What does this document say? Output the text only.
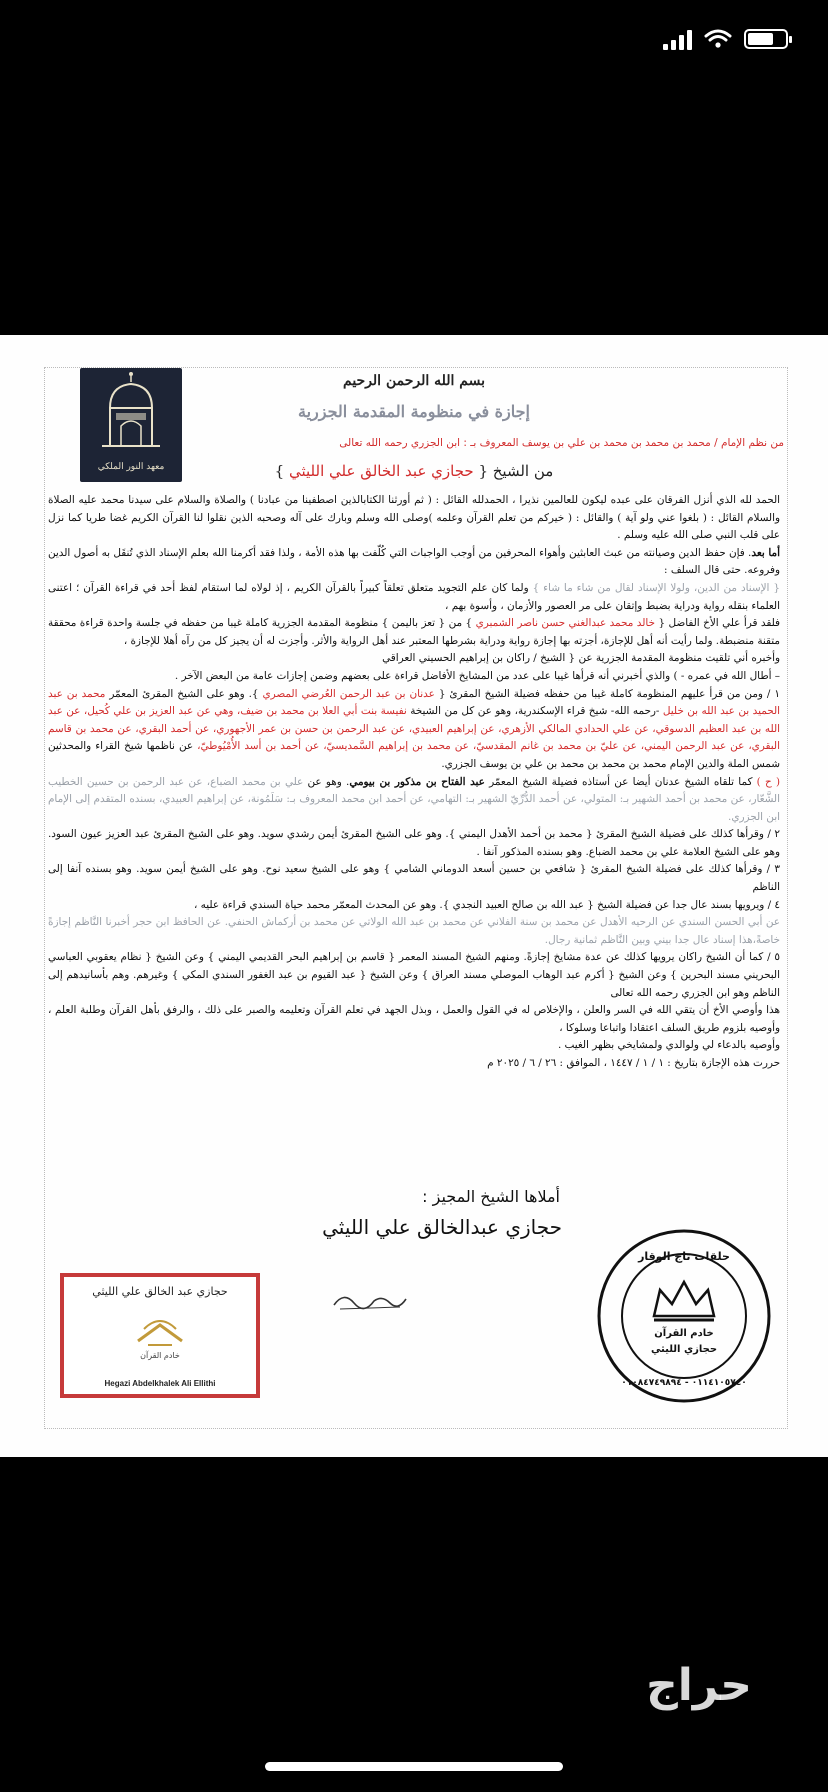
معهد النور الملكي
بسم الله الرحمن الرحيم
إجازة في منظومة المقدمة الجزرية
من نظم الإمام / محمد بن محمد بن محمد بن علي بن يوسف المعروف بـ : ابن الجزري رحمه الله تعالى
من الشيخ { حجازي عبد الخالق علي الليثي }

الحمد لله الذي أنزل الفرقان على عبده ليكون للعالمين نذيرا ، الحمدلله القائل : ( ثم أورثنا الكتابالذين اصطفينا من عبادنا ) والصلاة والسلام على سيدنا محمد عليه الصلاة والسلام القائل : ( بلغوا عني ولو آية ) والقائل : ( خيركم من تعلم القرآن وعلمه )وصلى الله وسلم وبارك على آله وصحبه الذين نقلوا لنا القرآن الكريم غضا طريا كما نزل على قلب النبي صلى الله عليه وسلم .

أما بعد. فإن حفظ الدين وصيانته من عبث العابثين وأهواء المحرفين من أوجب الواجبات التي كُلّفت بها هذه الأمة ، ولذا فقد أكرمنا الله بعلم الإسناد الذي تُنقَل به أصول الدين وفروعه. حتى قال السلف :

{ الإسناد من الدين، ولولا الإسناد لقال من شاء ما شاء } ولما كان علم التجويد متعلق تعلقاً كبيراً بالقرآن الكريم ، إذ لولاه لما استقام لفظ أحد في قراءة القرآن ؛ اعتنى العلماء بنقله رواية ودراية بضبط وإتقان على مر العصور والأزمان ، وأسوة بهم ،

فلقد قرأ علي الأخ الفاضل { خالد محمد عبدالغني حسن ناصر الشمبري } من { تعز باليمن } منظومة المقدمة الجزرية كاملة غيبا من حفظه في جلسة واحدة قراءة محققة متقنة منضبطة. ولما رأيت أنه أهل للإجازة، أجزته بها إجازة رواية ودراية بشرطها المعتبر عند أهل الرواية والأثر. وأجزت له أن يجيز كل من رآه أهلا للإجازة ،

وأخبره أني تلقيت منظومة المقدمة الجزرية عن { الشيخ / راكان بن إبراهيم الحسيني العراقي

– أطال الله في عمره - ) والذي أخبرني أنه قرأها غيبا على عدد من المشايخ الأفاضل قراءة على بعضهم وضمن إجازات عامة من البعض الآخر .

١ / ومن من قرأ عليهم المنظومة كاملة غيبا من حفظه فضيلة الشيخ المقرئ { عدنان بن عبد الرحمن العُرضي المصري }. وهو على الشيخ المقرئ المعمّر محمد بن عبد الحميد بن عبد الله بن خليل -رحمه الله- شيخ قراء الإسكندرية، وهو عن كل من الشيخة نفيسة بنت أبي العلا بن محمد بن ضيف، وهي عن عبد العزيز بن علي كُحيل، عن عبد الله بن عبد العظيم الدسوقي، عن علي الحدادي المالكي الأزهري، عن إبراهيم العبيدي، عن عبد الرحمن بن حسن بن عمر الأجهوري، عن أحمد البقري، عن محمد بن قاسم البقري، عن عبد الرحمن اليمني، عن عليّ بن محمد بن غانم المقدسيّ، عن محمد بن إبراهيم السَّمديسيّ، عن أحمد بن أسد الأُمْيُوطيّ، عن ناظمها شيخ القراء والمحدثين شمس الملة والدين الإمام محمد بن محمد بن محمد بن علي بن يوسف الجزري.

( ح ) كما تلقاه الشيخ عدنان أيضا عن أستاذه فضيلة الشيخ المعمّر عبد الفتاح بن مذكور بن بيومي. وهو عن علي بن محمد الضباع، عن عبد الرحمن بن حسين الخطيب الشَّعّار، عن محمد بن أحمد الشهير بـ: المتولي، عن أحمد الدُّرِّيّ الشهير بـ: التهامي، عن أحمد ابن محمد المعروف بـ: سَلَمُونة، عن إبراهيم العبيدي، بسنده المتقدم إلى الإمام ابن الجزري.

٢ / وقرأها كذلك على فضيلة الشيخ المقرئ { محمد بن أحمد الأهدل اليمني }. وهو على الشيخ المقرئ أيمن رشدي سويد. وهو على الشيخ المقرئ عبد العزيز عيون السود. وهو على الشيخ العلامة علي بن محمد الضباع. وهو بسنده المذكور آنفا .

٣ / وقرأها كذلك على فضيلة الشيخ المقرئ { شافعي بن حسين أسعد الدوماني الشامي } وهو على الشيخ سعيد نوح. وهو على الشيخ أيمن سويد. وهو بسنده آنفا إلى الناظم

٤ / ويرويها بسند عال جدا عن فضيلة الشيخ { عبد الله بن صالح العبيد النجدي }. وهو عن المحدث المعمّر محمد حياة السندي قراءة عليه ،

عن أبي الحسن السندي عن الرحيه الأهدل عن محمد بن سنة الفلاني عن محمد بن عبد الله الولاتي عن محمد بن أركماش الحنفي. عن الحافظ ابن حجر أخبرنا النَّاظم إجازةً خاصةً،هذا إسناد عال جدا بيني وبين النَّاظم ثمانية رجال.

٥ / كما أن الشيخ راكان يرويها كذلك عن عدة مشايخ إجازةً. ومنهم الشيخ المسند المعمر { قاسم بن إبراهيم البحر القديمي اليمني } وعن الشيخ { نظام يعقوبي العباسي البحريني مسند البحرين } وعن الشيخ { أكرم عبد الوهاب الموصلي مسند العراق } وعن الشيخ { عبد القيوم بن عبد الغفور السندي المكي } وغيرهم. وهم بأسانيدهم إلى الناظم وهو ابن الجزري رحمه الله تعالى

هذا وأوصي الأخ أن يتقي الله في السر والعلن ، والإخلاص له في القول والعمل ، وبذل الجهد في تعلم القرآن وتعليمه والصبر على ذلك ، والرفق بأهل القرآن وطلبة العلم ، وأوصيه بلزوم طريق السلف اعتقادا واتباعا وسلوكا ،

وأوصيه بالدعاء لي ولوالدي ولمشايخي بظهر الغيب .

حررت هذه الإجازة بتاريخ : ١ / ١ / ١٤٤٧ ، الموافق : ٢٦ / ٦ / ٢٠٢٥ م

أملاها الشيخ المجيز :
حجازي عبدالخالق علي الليثي
حلقات تاج الوقار
خادم القرآن
حجازي الليثي
٠١١٤١٠٥٧٤٠ - ٠١٠٨٤٧٤٩٨٩٤
حجازي عبد الخالق علي الليثي
خادم القرآن
Hegazi Abdelkhalek Ali Ellithi
حراج
